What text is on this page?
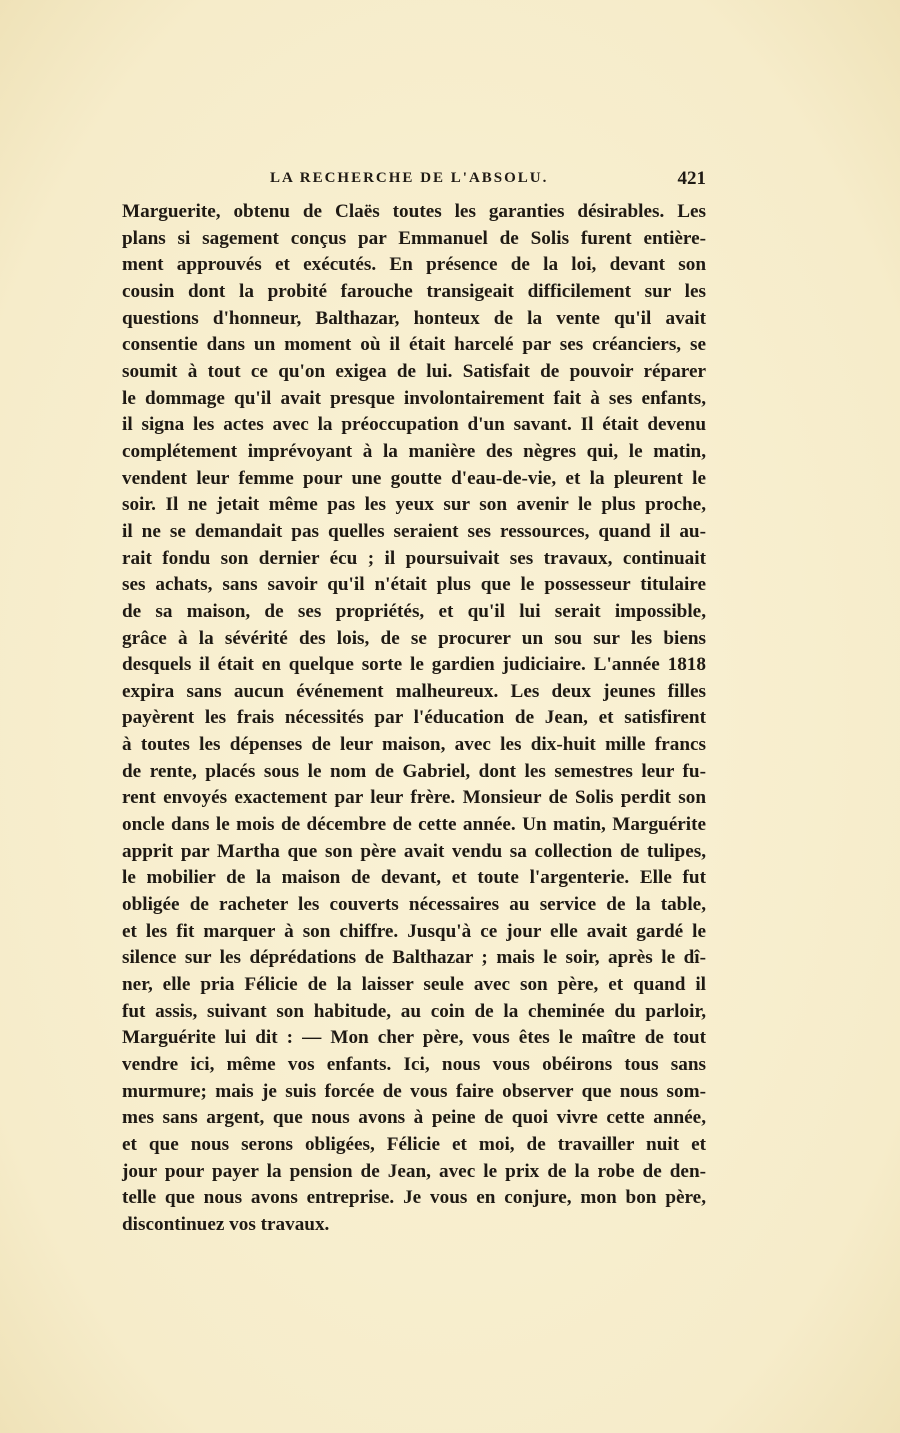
LA RECHERCHE DE L'ABSOLU.	421
Marguerite, obtenu de Claës toutes les garanties désirables. Les
plans si sagement conçus par Emmanuel de Solis furent entière-
ment approuvés et exécutés. En présence de la loi, devant son
cousin dont la probité farouche transigeait difficilement sur les
questions d'honneur, Balthazar, honteux de la vente qu'il avait
consentie dans un moment où il était harcelé par ses créanciers, se
soumit à tout ce qu'on exigea de lui. Satisfait de pouvoir réparer
le dommage qu'il avait presque involontairement fait à ses enfants,
il signa les actes avec la préoccupation d'un savant. Il était devenu
complétement imprévoyant à la manière des nègres qui, le matin,
vendent leur femme pour une goutte d'eau-de-vie, et la pleurent le
soir. Il ne jetait même pas les yeux sur son avenir le plus proche,
il ne se demandait pas quelles seraient ses ressources, quand il au-
rait fondu son dernier écu ; il poursuivait ses travaux, continuait
ses achats, sans savoir qu'il n'était plus que le possesseur titulaire
de sa maison, de ses propriétés, et qu'il lui serait impossible,
grâce à la sévérité des lois, de se procurer un sou sur les biens
desquels il était en quelque sorte le gardien judiciaire. L'année 1818
expira sans aucun événement malheureux. Les deux jeunes filles
payèrent les frais nécessités par l'éducation de Jean, et satisfirent
à toutes les dépenses de leur maison, avec les dix-huit mille francs
de rente, placés sous le nom de Gabriel, dont les semestres leur fu-
rent envoyés exactement par leur frère. Monsieur de Solis perdit son
oncle dans le mois de décembre de cette année. Un matin, Marguérite
apprit par Martha que son père avait vendu sa collection de tulipes,
le mobilier de la maison de devant, et toute l'argenterie. Elle fut
obligée de racheter les couverts nécessaires au service de la table,
et les fit marquer à son chiffre. Jusqu'à ce jour elle avait gardé le
silence sur les déprédations de Balthazar ; mais le soir, après le dî-
ner, elle pria Félicie de la laisser seule avec son père, et quand il
fut assis, suivant son habitude, au coin de la cheminée du parloir,
Marguérite lui dit : — Mon cher père, vous êtes le maître de tout
vendre ici, même vos enfants. Ici, nous vous obéirons tous sans
murmure; mais je suis forcée de vous faire observer que nous som-
mes sans argent, que nous avons à peine de quoi vivre cette année,
et que nous serons obligées, Félicie et moi, de travailler nuit et
jour pour payer la pension de Jean, avec le prix de la robe de den-
telle que nous avons entreprise. Je vous en conjure, mon bon père,
discontinuez vos travaux.
